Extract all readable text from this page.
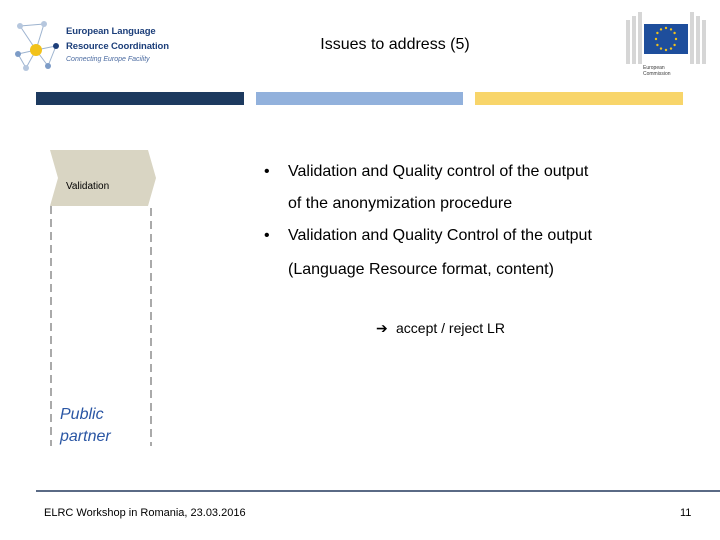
European Language
Resource Coordination
Connecting Europe Facility
Issues to address (5)
European
Commission
Validation
Public
partner
• Validation and Quality control of the output
of the anonymization procedure
• Validation and Quality Control of the output
(Language Resource format, content)
➔ accept / reject LR
ELRC Workshop in Romania, 23.03.2016	11
